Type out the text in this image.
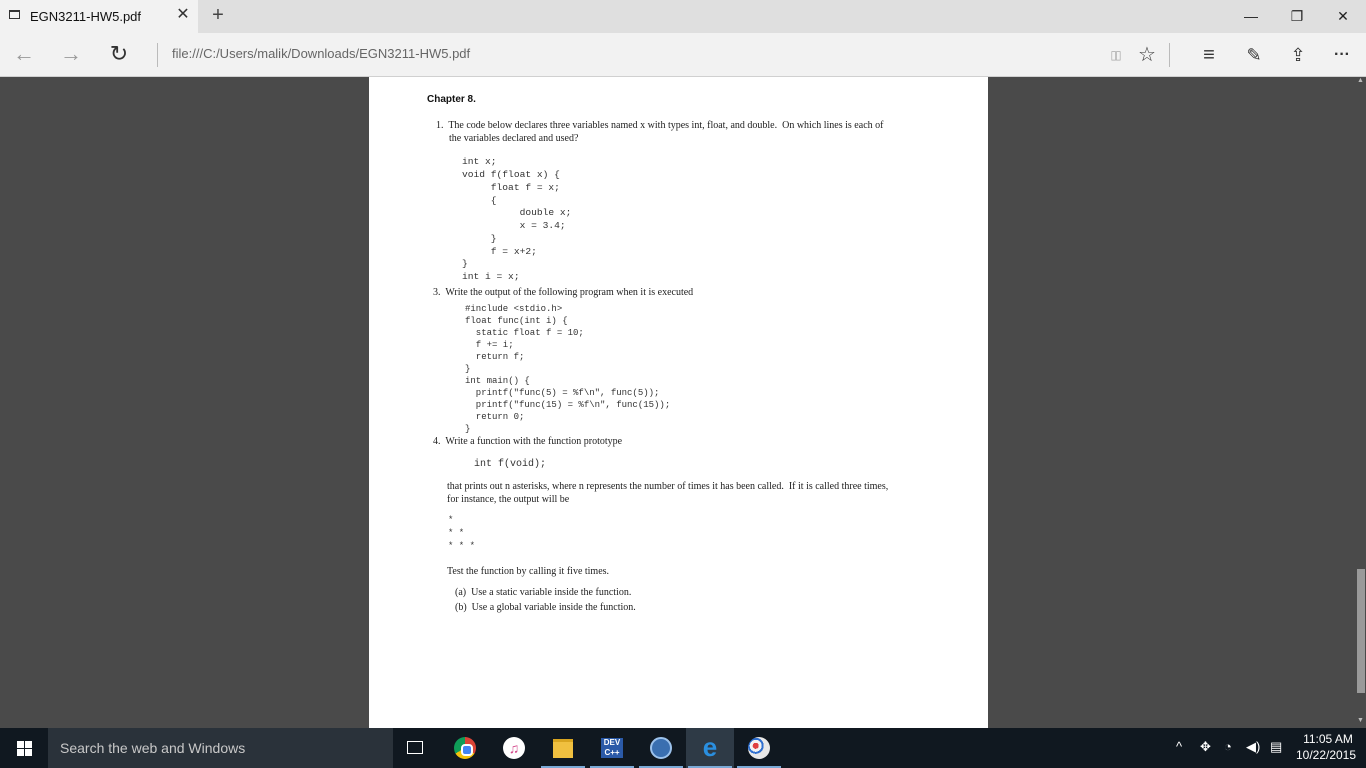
EGN3211-HW5.pdf ✕ +	—	❐	✕
← → ↻	file:///C:/Users/malik/Downloads/EGN3211-HW5.pdf	▯▯ ☆	≡	✎	⇪	···
Chapter 8.
1.  The code below declares three variables named x with types int, float, and double.  On which lines is each of
the variables declared and used?
int x;
void f(float x) {
float f = x;
{
double x;
x = 3.4;
}
f = x+2;
}
int i = x;
3.  Write the output of the following program when it is executed
#include <stdio.h>
float func(int i) {
static float f = 10;
f += i;
return f;
}
int main() {
printf("func(5) = %f\n", func(5));
printf("func(15) = %f\n", func(15));
return 0;
}
4.  Write a function with the function prototype
int f(void);
that prints out n asterisks, where n represents the number of times it has been called.  If it is called three times,
for instance, the output will be
*
* *
* * *
Test the function by calling it five times.
(a)  Use a static variable inside the function.
(b)  Use a global variable inside the function.
▲
▼
Search the web and Windows	♫	DEV
C++	e	^ ✥ ◔ ◀) ▤	11:05 AM
10/22/2015
